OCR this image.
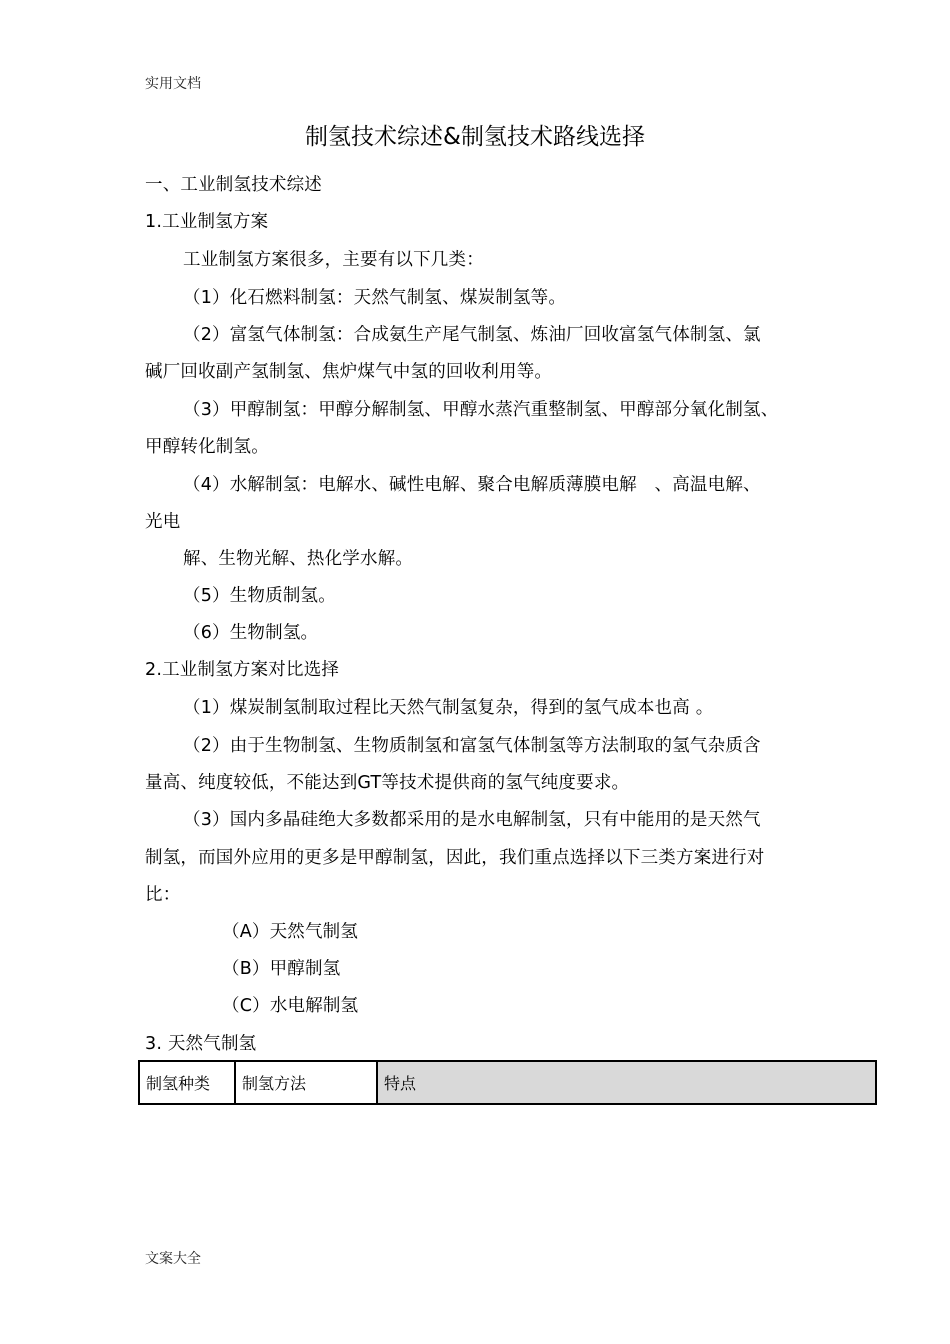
实用文档
制氢技术综述&制氢技术路线选择
一、工业制氢技术综述
1.工业制氢方案
工业制氢方案很多，主要有以下几类：
（1）化石燃料制氢：天然气制氢、煤炭制氢等。
（2）富氢气体制氢：合成氨生产尾气制氢、炼油厂回收富氢气体制氢、氯
碱厂回收副产氢制氢、焦炉煤气中氢的回收利用等。
（3）甲醇制氢：甲醇分解制氢、甲醇水蒸汽重整制氢、甲醇部分氧化制氢、
甲醇转化制氢。
（4）水解制氢：电解水、碱性电解、聚合电解质薄膜电解　、高温电解、
光电
解、生物光解、热化学水解。
（5）生物质制氢。
（6）生物制氢。
2.工业制氢方案对比选择
（1）煤炭制氢制取过程比天然气制氢复杂，得到的氢气成本也高 。
（2）由于生物制氢、生物质制氢和富氢气体制氢等方法制取的氢气杂质含
量高、纯度较低，不能达到GT等技术提供商的氢气纯度要求。
（3）国内多晶硅绝大多数都采用的是水电解制氢，只有中能用的是天然气
制氢，而国外应用的更多是甲醇制氢，因此，我们重点选择以下三类方案进行对
比：
（A）天然气制氢
（B）甲醇制氢
（C）水电解制氢
3. 天然气制氢
制氢种类	制氢方法	特点
文案大全
